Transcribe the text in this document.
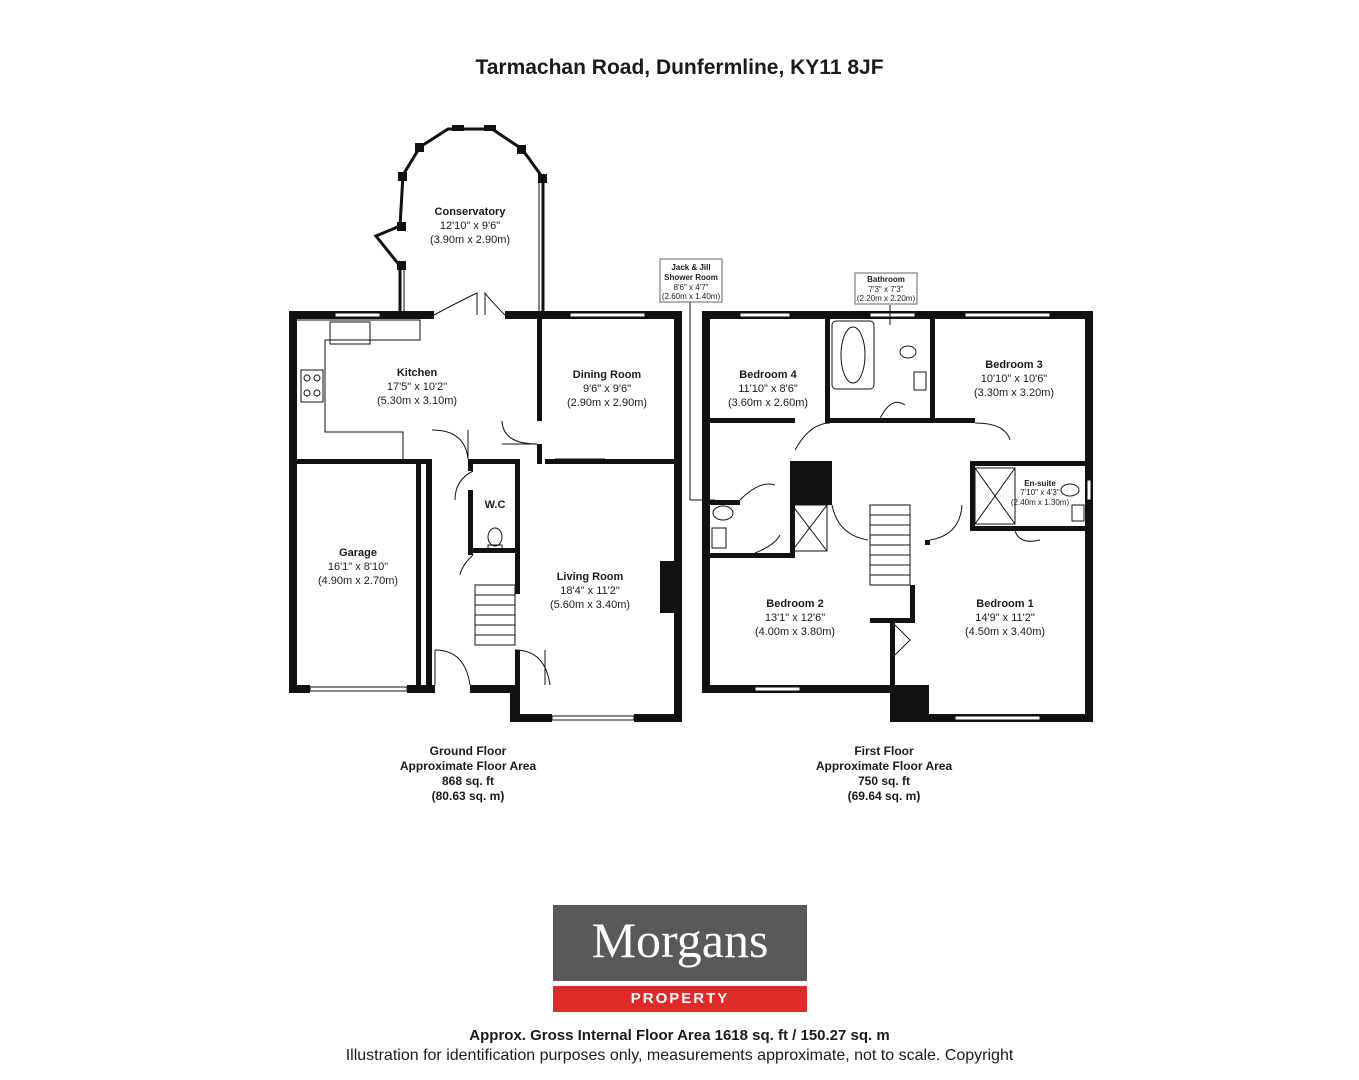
Tarmachan Road, Dunfermline, KY11 8JF
Conservatory
12'10" x 9'6"
(3.90m x 2.90m)
Kitchen
17'5" x 10'2"
(5.30m x 3.10m)
Dining Room
9'6" x 9'6"
(2.90m x 2.90m)
W.C
Garage
16'1" x 8'10"
(4.90m x 2.70m)	Living Room
18'4" x 11'2"
(5.60m x 3.40m)
Jack & Jill
Shower Room
8'6" x 4'7"
(2.60m x 1.40m)
Bathroom
7'3" x 7'3"
(2.20m x 2.20m)
Bedroom 4
11'10" x 8'6"
(3.60m x 2.60m)
Bedroom 3
10'10" x 10'6"
(3.30m x 3.20m)
En-suite
7'10" x 4'3"
(2.40m x 1.30m)
Bedroom 2
13'1" x 12'6"
(4.00m x 3.80m)
Bedroom 1
14'9" x 11'2"
(4.50m x 3.40m)
Ground Floor
Approximate Floor Area
868 sq. ft
(80.63 sq. m)
First Floor
Approximate Floor Area
750 sq. ft
(69.64 sq. m)
Morgans
PROPERTY
Approx. Gross Internal Floor Area 1618 sq. ft / 150.27 sq. m
Illustration for identification purposes only, measurements approximate, not to scale. Copyright
